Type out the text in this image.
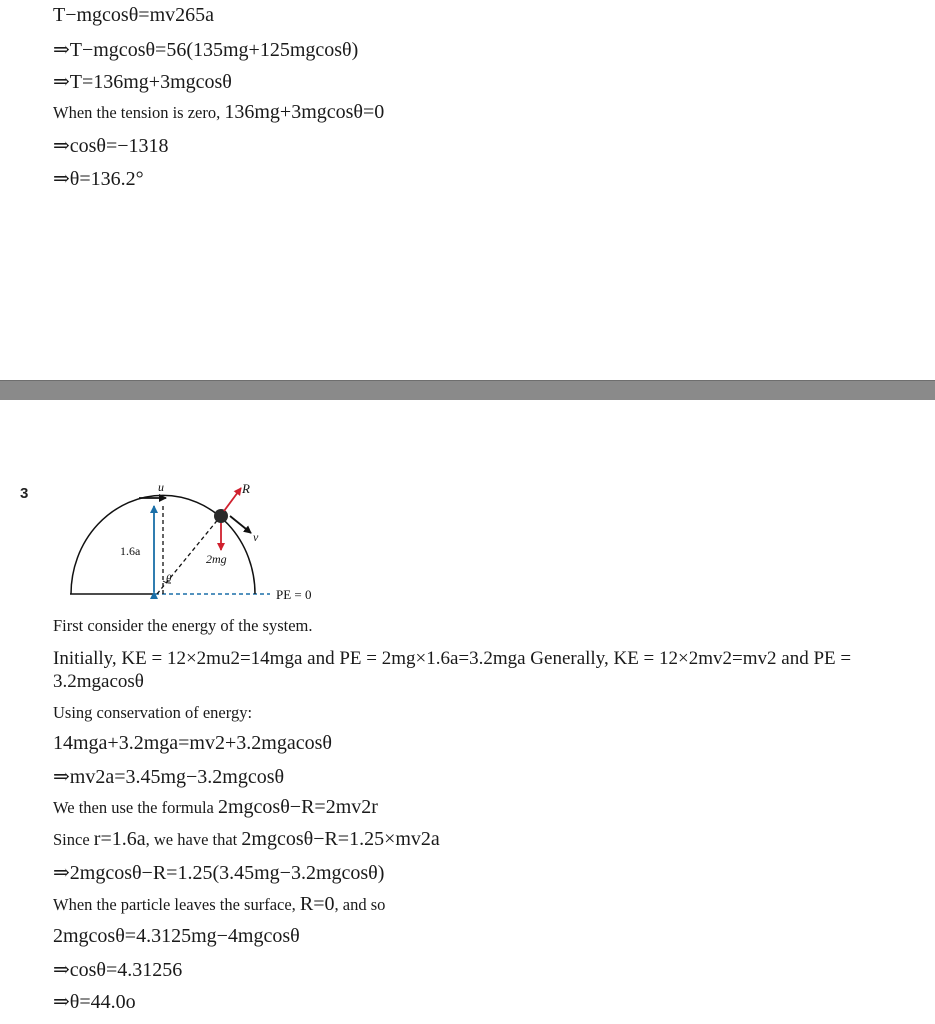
T−mgcosθ=mv265a
⇒T−mgcosθ=56(135mg+125mgcosθ)
⇒T=136mg+3mgcosθ
When the tension is zero, 136mg+3mgcosθ=0
⇒cosθ=−1318
⇒θ=136.2°
3	u	R
v
1.6a
2mg
θ
PE = 0
First consider the energy of the system.
Initially, KE = 12×2mu2=14mga and PE = 2mg×1.6a=3.2mga Generally, KE = 12×2mv2=mv2 and PE = 3.2mgacosθ
Using conservation of energy:
14mga+3.2mga=mv2+3.2mgacosθ
⇒mv2a=3.45mg−3.2mgcosθ
We then use the formula 2mgcosθ−R=2mv2r
Since r=1.6a, we have that 2mgcosθ−R=1.25×mv2a
⇒2mgcosθ−R=1.25(3.45mg−3.2mgcosθ)
When the particle leaves the surface, R=0, and so
2mgcosθ=4.3125mg−4mgcosθ
⇒cosθ=4.31256
⇒θ=44.0o
